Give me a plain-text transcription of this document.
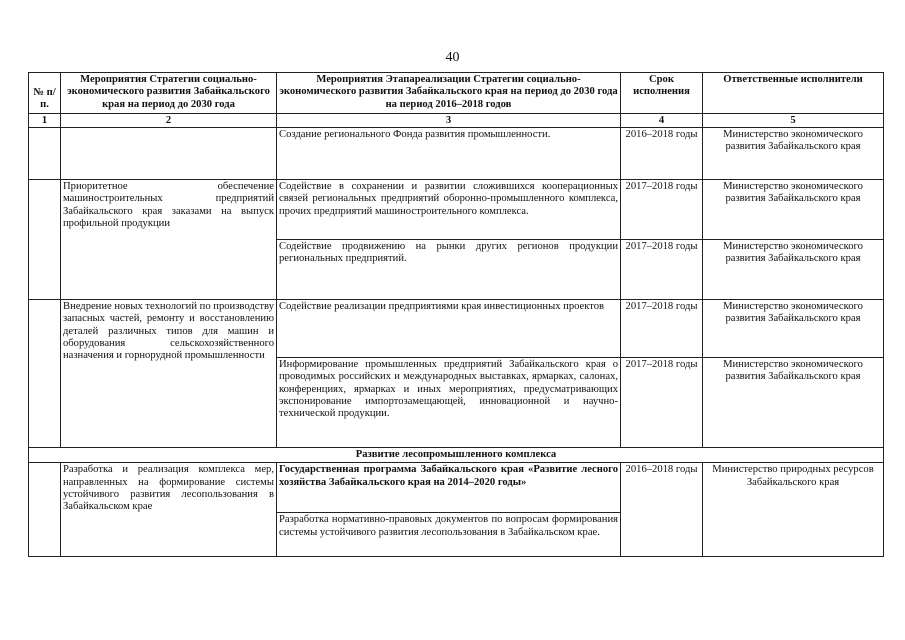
40
№ п/п.	Мероприятия Стратегии социально-экономического развития Забайкальского края на период до 2030 года	Мероприятия Этапареализации Стратегии социально-экономического развития Забайкальского края на период до 2030 года на период 2016–2018 годов	Срок исполнения	Ответственные исполнители
1	2	3	4	5
		Создание регионального Фонда развития промышленности.	2016–2018 годы	Министерство экономического развития Забайкальского края
	Приоритетное обеспечение машиностроительных предприятий Забайкальского края заказами на выпуск профильной продукции	Содействие в сохранении и развитии сложившихся кооперационных связей региональных предприятий оборонно-промышленного комплекса, прочих предприятий машиностроительного комплекса.	2017–2018 годы	Министерство экономического развития Забайкальского края
		Содействие продвижению на рынки других регионов продукции региональных предприятий.	2017–2018 годы	Министерство экономического развития Забайкальского края
	Внедрение новых технологий по производству запасных частей, ремонту и восстановлению деталей различных типов для машин и оборудования сельскохозяйственного назначения и горнорудной промышленности	Содействие реализации предприятиями края инвестиционных проектов	2017–2018 годы	Министерство экономического развития Забайкальского края
		Информирование промышленных предприятий Забайкальского края о проводимых российских и международных выставках, ярмарках, салонах, конференциях, ярмарках и иных мероприятиях, предусматривающих экспонирование импортозамещающей, инновационной и научно-технической продукции.	2017–2018 годы	Министерство экономического развития Забайкальского края
Развитие лесопромышленного комплекса				
	Разработка и реализация комплекса мер, направленных на формирование системы устойчивого развития лесопользования в Забайкальском крае	Государственная программа Забайкальского края «Развитие лесного хозяйства Забайкальского края на 2014–2020 годы»	2016–2018 годы	Министерство природных ресурсов Забайкальского края
		Разработка нормативно-правовых документов по вопросам формирования системы устойчивого развития лесопользования в Забайкальском крае.		
